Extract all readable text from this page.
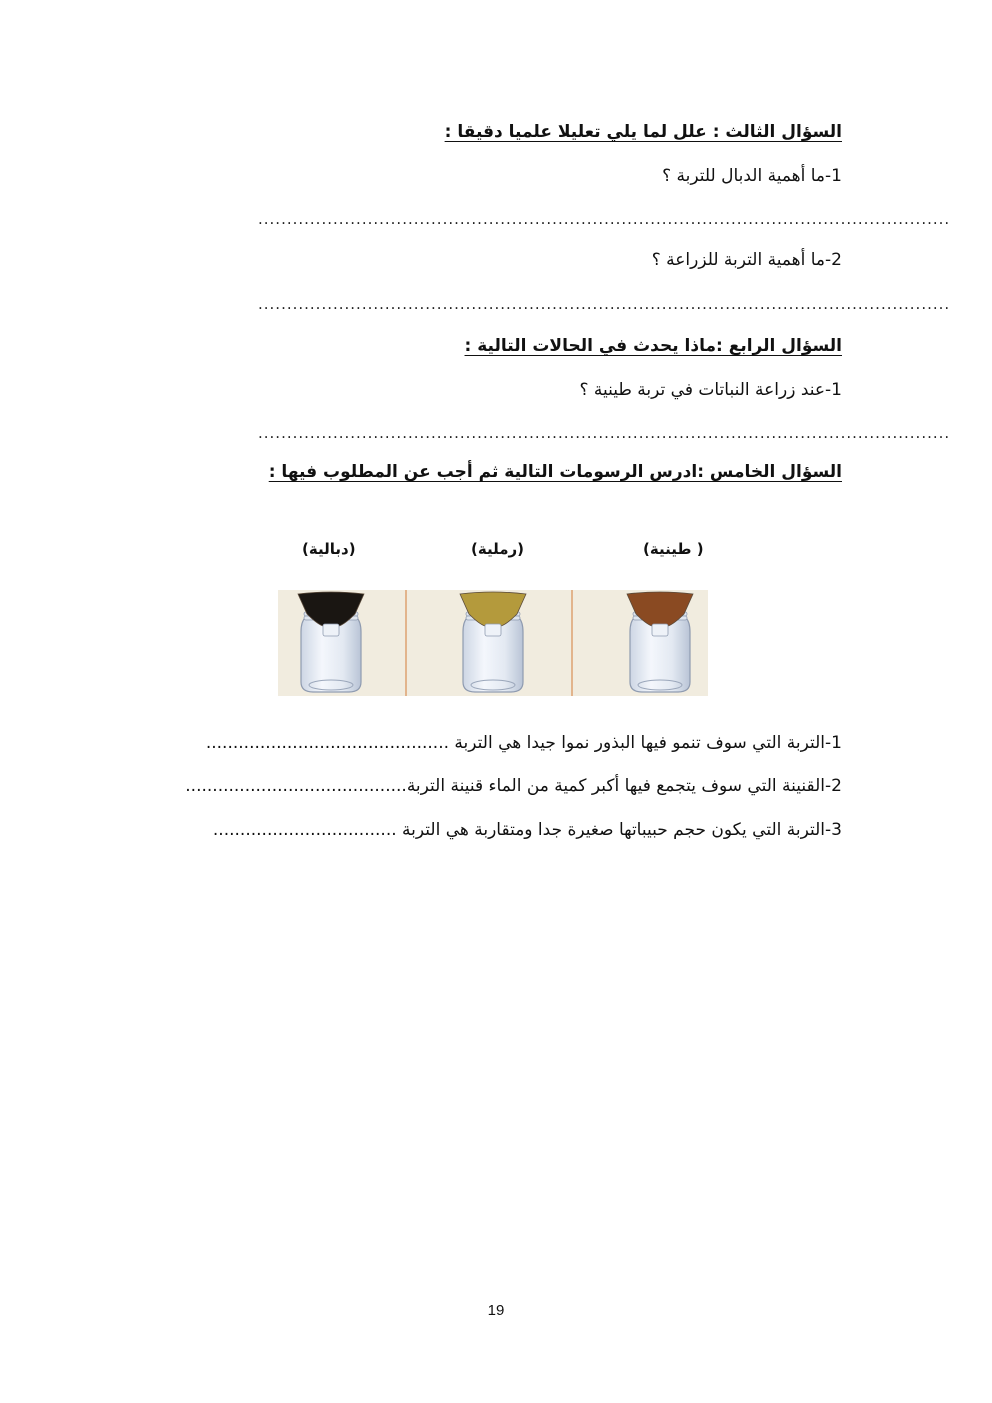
السؤال الثالث : علل لما يلي تعليلا علميا دقيقا :
1-ما أهمية الدبال للتربة ؟
........................................................................................................................
2-ما أهمية التربة للزراعة ؟
........................................................................................................................
السؤال الرابع :ماذا يحدث في الحالات التالية :
1-عند زراعة النباتات في تربة طينية ؟
........................................................................................................................
السؤال الخامس :ادرس الرسومات التالية ثم أجب عن المطلوب فيها :
(دبالية)	(رملية)	(طينية )
1-التربة التي سوف تنمو فيها البذور نموا جيدا هي التربة .............................................
2-القنينة التي سوف يتجمع فيها أكبر كمية من الماء قنينة التربة.........................................
3-التربة التي يكون حجم حبيباتها صغيرة جدا ومتقاربة هي التربة ..................................
19
